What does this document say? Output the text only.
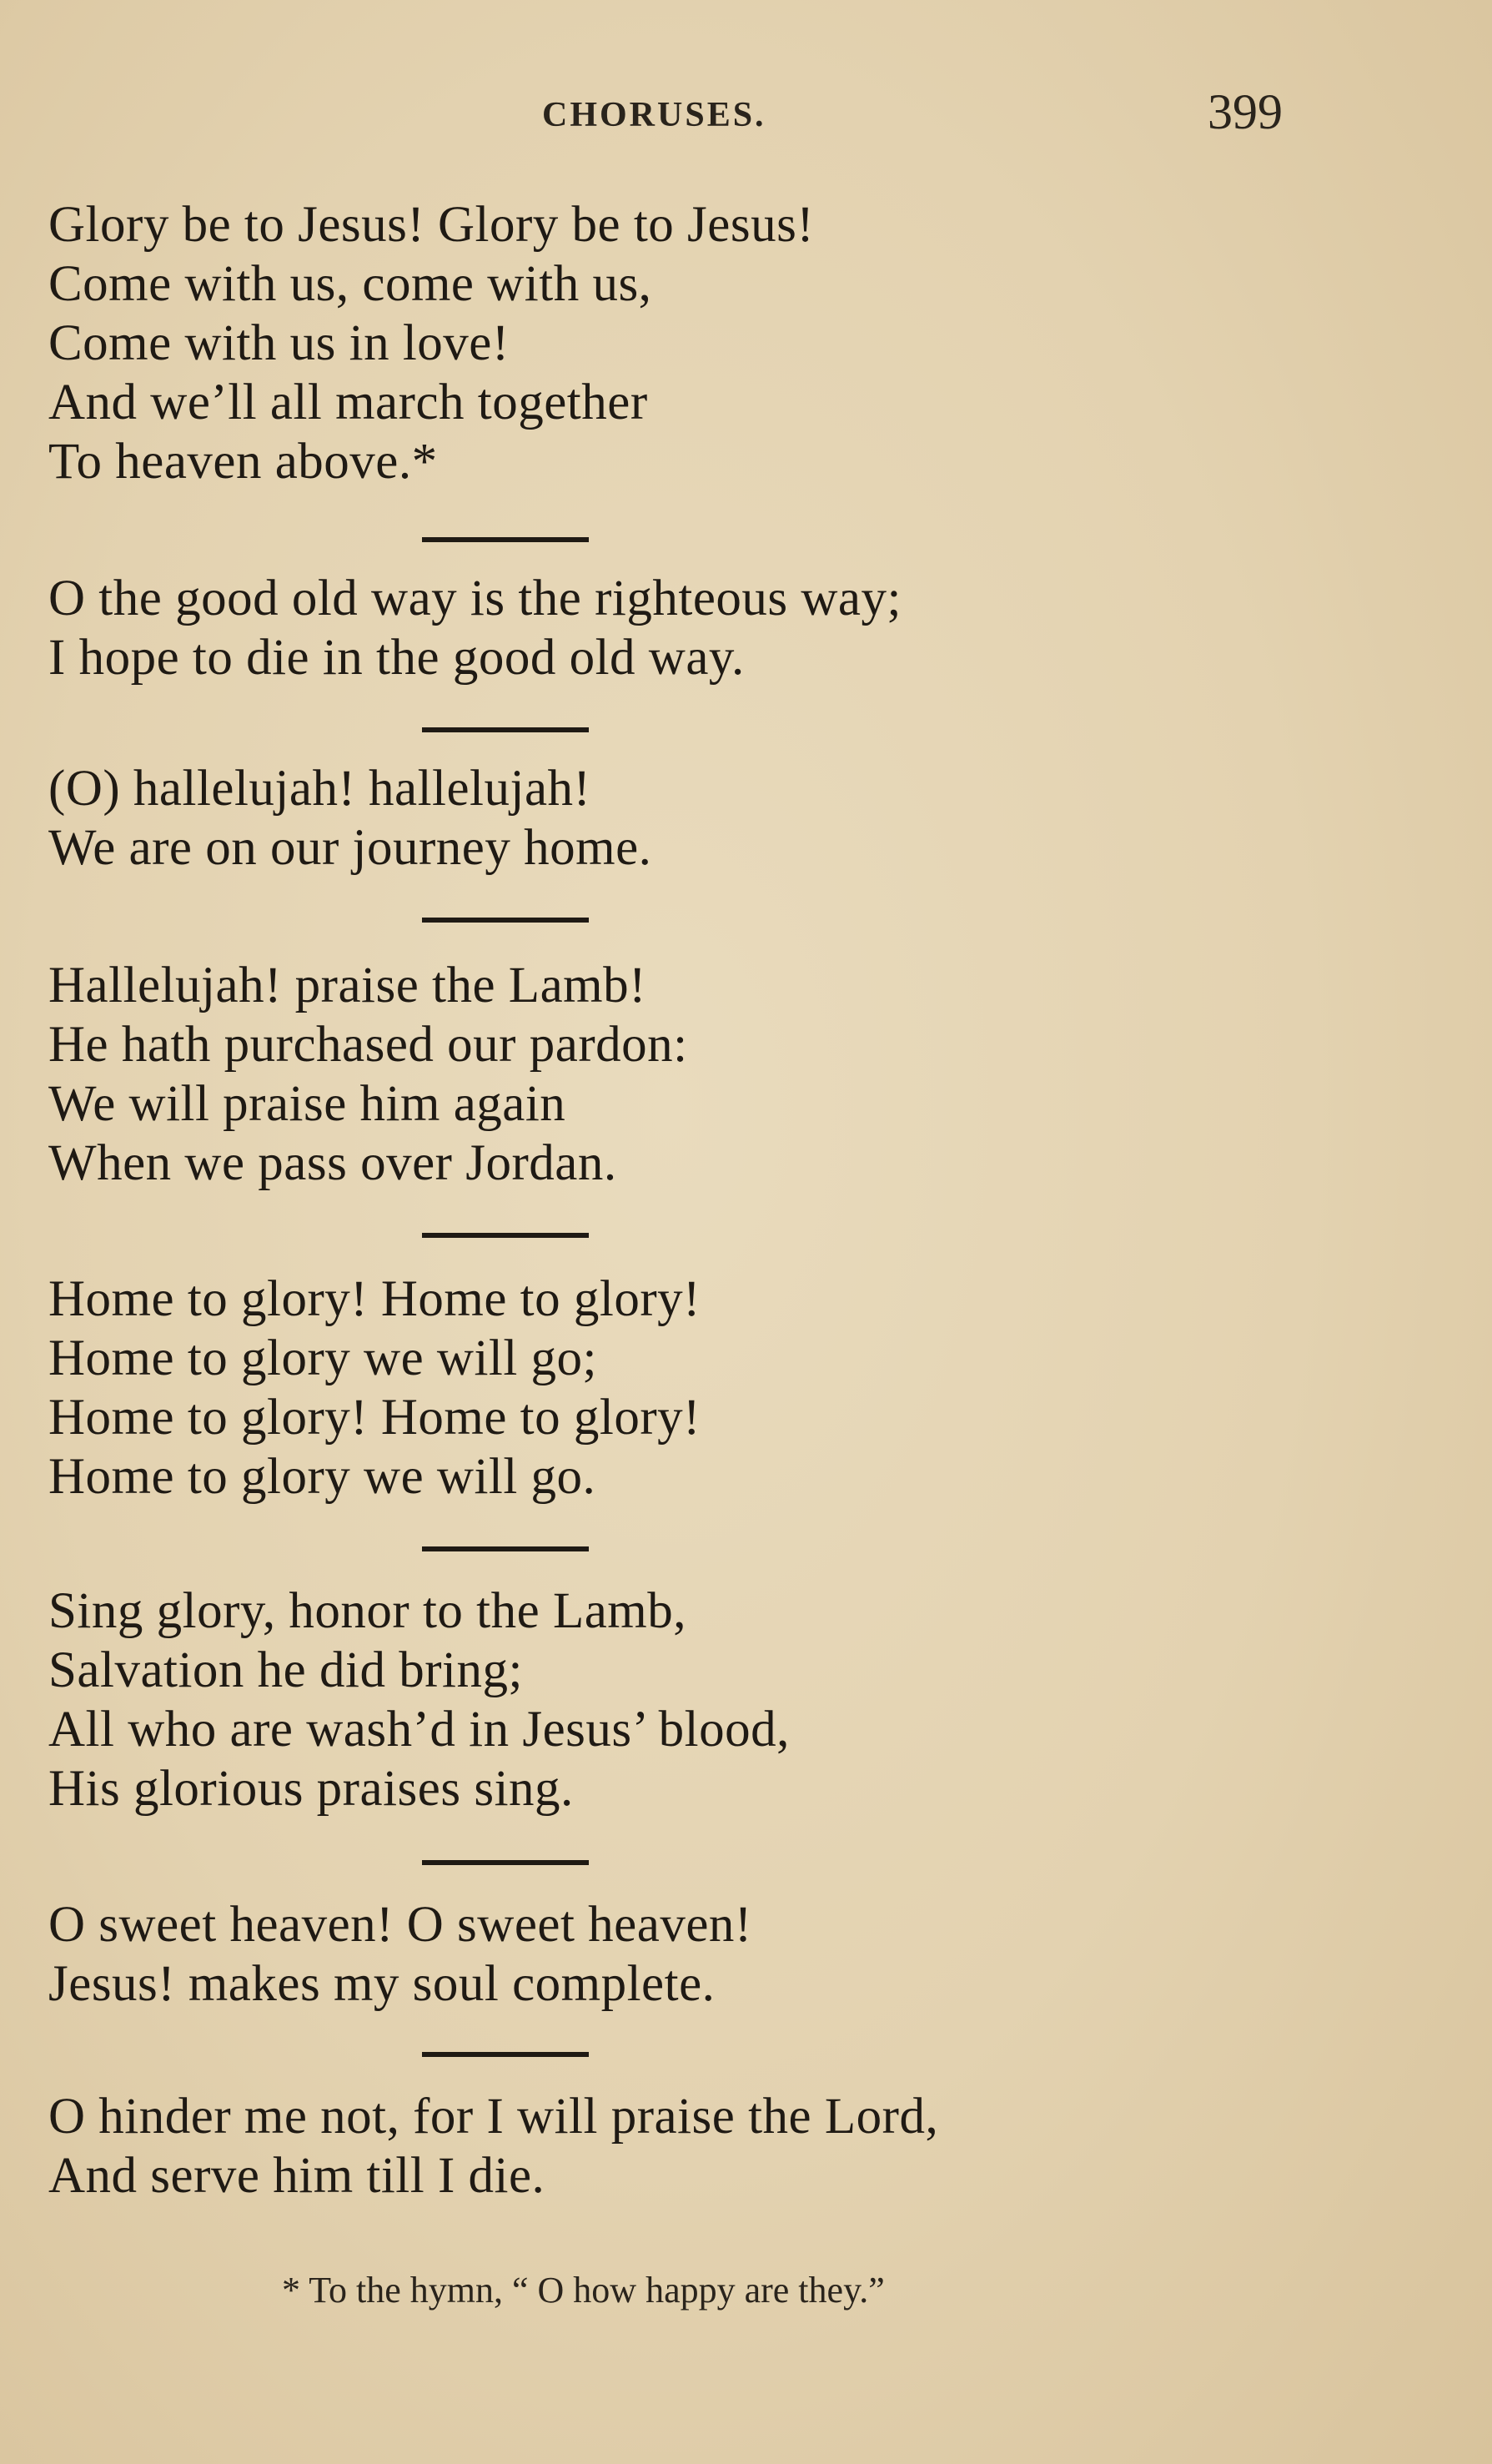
CHORUSES.	399
Glory be to Jesus! Glory be to Jesus!
Come with us, come with us,
Come with us in love!
And we’ll all march together
To heaven above.*
O the good old way is the righteous way;
I hope to die in the good old way.
(O) hallelujah! hallelujah!
We are on our journey home.
Hallelujah! praise the Lamb!
He hath purchased our pardon:
We will praise him again
When we pass over Jordan.
Home to glory! Home to glory!
Home to glory we will go;
Home to glory! Home to glory!
Home to glory we will go.
Sing glory, honor to the Lamb,
Salvation he did bring;
All who are wash’d in Jesus’ blood,
His glorious praises sing.
O sweet heaven! O sweet heaven!
Jesus! makes my soul complete.
O hinder me not, for I will praise the Lord,
And serve him till I die.
* To the hymn, “ O how happy are they.”
